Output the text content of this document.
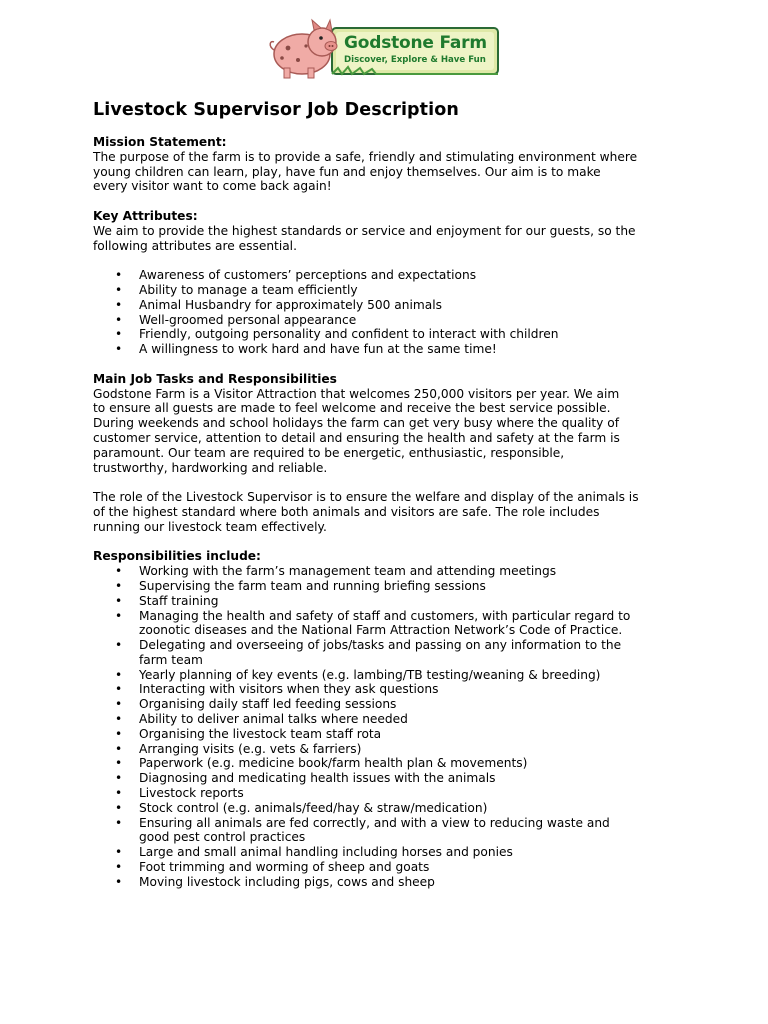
Godstone Farm
Discover, Explore & Have Fun
Livestock Supervisor Job Description
Mission Statement:
The purpose of the farm is to provide a safe, friendly and stimulating environment where
young children can learn, play, have fun and enjoy themselves. Our aim is to make
every visitor want to come back again!
Key Attributes:
We aim to provide the highest standards or service and enjoyment for our guests, so the
following attributes are essential.
• Awareness of customers’ perceptions and expectations
• Ability to manage a team efficiently
• Animal Husbandry for approximately 500 animals
• Well-groomed personal appearance
• Friendly, outgoing personality and confident to interact with children
• A willingness to work hard and have fun at the same time!
Main Job Tasks and Responsibilities
Godstone Farm is a Visitor Attraction that welcomes 250,000 visitors per year. We aim
to ensure all guests are made to feel welcome and receive the best service possible.
During weekends and school holidays the farm can get very busy where the quality of
customer service, attention to detail and ensuring the health and safety at the farm is
paramount. Our team are required to be energetic, enthusiastic, responsible,
trustworthy, hardworking and reliable.
The role of the Livestock Supervisor is to ensure the welfare and display of the animals is
of the highest standard where both animals and visitors are safe. The role includes
running our livestock team effectively.
Responsibilities include:
• Working with the farm’s management team and attending meetings
• Supervising the farm team and running briefing sessions
• Staff training
• Managing the health and safety of staff and customers, with particular regard to
zoonotic diseases and the National Farm Attraction Network’s Code of Practice.
• Delegating and overseeing of jobs/tasks and passing on any information to the
farm team
• Yearly planning of key events (e.g. lambing/TB testing/weaning & breeding)
• Interacting with visitors when they ask questions
• Organising daily staff led feeding sessions
• Ability to deliver animal talks where needed
• Organising the livestock team staff rota
• Arranging visits (e.g. vets & farriers)
• Paperwork (e.g. medicine book/farm health plan & movements)
• Diagnosing and medicating health issues with the animals
• Livestock reports
• Stock control (e.g. animals/feed/hay & straw/medication)
• Ensuring all animals are fed correctly, and with a view to reducing waste and
good pest control practices
• Large and small animal handling including horses and ponies
• Foot trimming and worming of sheep and goats
• Moving livestock including pigs, cows and sheep
